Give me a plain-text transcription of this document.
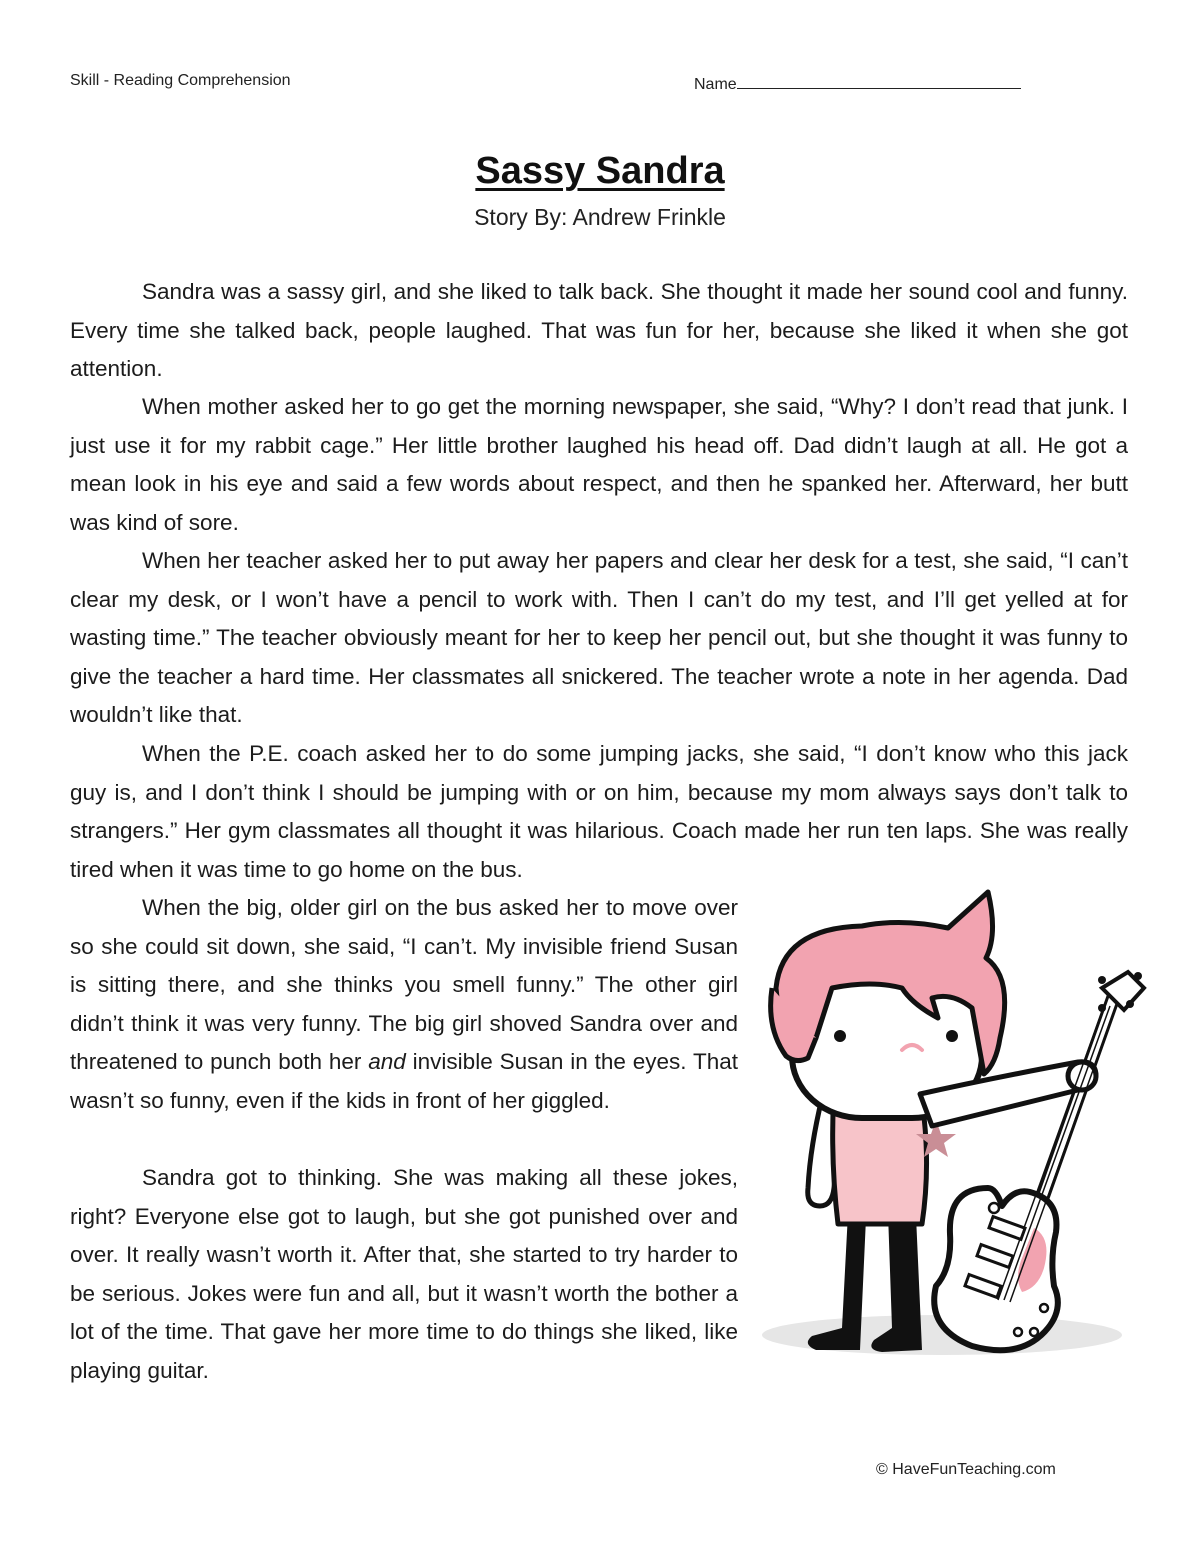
Skill - Reading Comprehension	Name
Sassy Sandra
Story By: Andrew Frinkle

Sandra was a sassy girl, and she liked to talk back. She thought it made her sound cool and funny. Every time she talked back, people laughed. That was fun for her, because she liked it when she got attention.

When mother asked her to go get the morning newspaper, she said, “Why? I don’t read that junk. I just use it for my rabbit cage.” Her little brother laughed his head off. Dad didn’t laugh at all. He got a mean look in his eye and said a few words about respect, and then he spanked her. Afterward, her butt was kind of sore.

When her teacher asked her to put away her papers and clear her desk for a test, she said, “I can’t clear my desk, or I won’t have a pencil to work with. Then I can’t do my test, and I’ll get yelled at for wasting time.” The teacher obviously meant for her to keep her pencil out, but she thought it was funny to give the teacher a hard time. Her classmates all snickered. The teacher wrote a note in her agenda. Dad wouldn’t like that.

When the P.E. coach asked her to do some jumping jacks, she said, “I don’t know who this jack guy is, and I don’t think I should be jumping with or on him, because my mom always says don’t talk to strangers.” Her gym classmates all thought it was hilarious. Coach made her run ten laps. She was really tired when it was time to go home on the bus.

When the big, older girl on the bus asked her to move over so she could sit down, she said, “I can’t. My invisible friend Susan is sitting there, and she thinks you smell funny.” The other girl didn’t think it was very funny. The big girl shoved Sandra over and threatened to punch both her and invisible Susan in the eyes. That wasn’t so funny, even if the kids in front of her giggled.

Sandra got to thinking. She was making all these jokes, right? Everyone else got to laugh, but she got punished over and over. It really wasn’t worth it. After that, she started to try harder to be serious. Jokes were fun and all, but it wasn’t worth the bother a lot of the time. That gave her more time to do things she liked, like playing guitar.

© HaveFunTeaching.com
